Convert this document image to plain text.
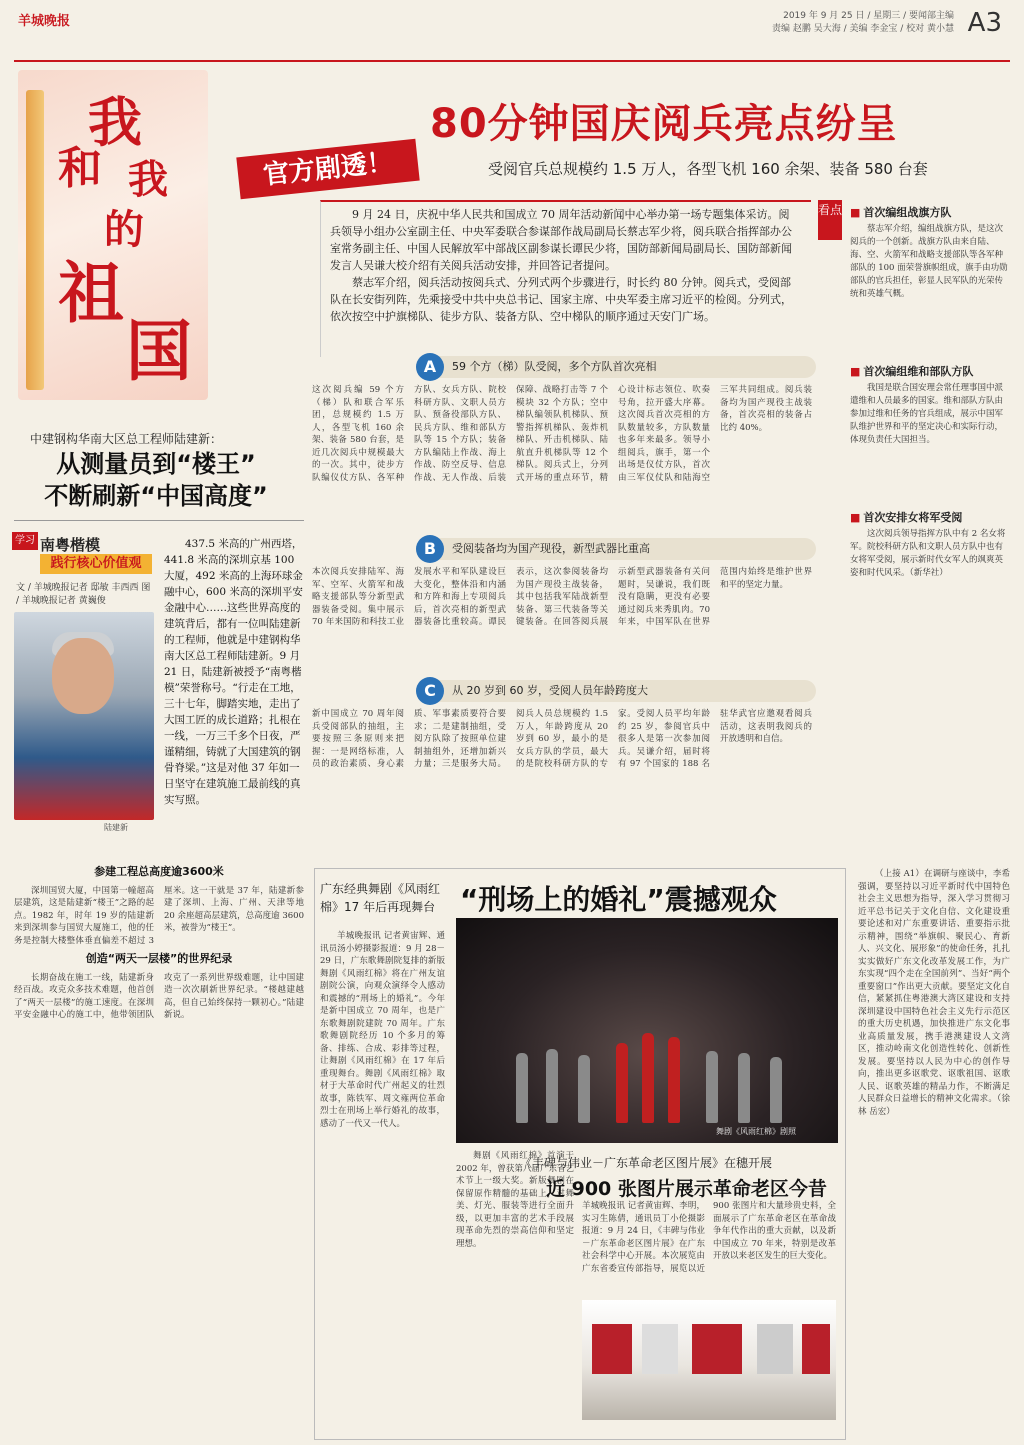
羊城晚报	2019 年 9 月 25 日 / 星期三 / 要闻部主编
责编 赵鹏 吴大海 / 美编 李金宝 / 校对 黄小慧 A3
我
和 我
的
祖
国
官方剧透！
80分钟国庆阅兵亮点纷呈
受阅官兵总规模约 1.5 万人，各型飞机 160 余架、装备 580 台套
9 月 24 日，庆祝中华人民共和国成立 70 周年活动新闻中心举办第一场专题集体采访。阅兵领导小组办公室副主任、中央军委联合参谋部作战局副局长蔡志军少将，阅兵联合指挥部办公室常务副主任、中国人民解放军中部战区副参谋长谭民少将，国防部新闻局副局长、国防部新闻发言人吴谦大校介绍有关阅兵活动安排，并回答记者提问。
蔡志军介绍，阅兵活动按阅兵式、分列式两个步骤进行，时长约 80 分钟。阅兵式，受阅部队在长安街列阵，先乘接受中共中央总书记、国家主席、中央军委主席习近平的检阅。分列式，依次按空中护旗梯队、徒步方队、装备方队、空中梯队的顺序通过天安门广场。
看点
■	首次编组战旗方队

蔡志军介绍，编组战旗方队，是这次阅兵的一个创新。战旗方队由来自陆、海、空、火箭军和战略支援部队等各军种部队的 100 面荣誉旗帜组成，旗手由功勋部队的官兵担任，彰显人民军队的光荣传统和英雄气概。

■ 首次编组维和部队方队

我国是联合国安理会常任理事国中派遣维和人员最多的国家。维和部队方队由参加过维和任务的官兵组成，展示中国军队维护世界和平的坚定决心和实际行动，体现负责任大国担当。

■ 首次安排女将军受阅

这次阅兵领导指挥方队中有 2 名女将军。院校科研方队和文职人员方队中也有女将军受阅，展示新时代女军人的飒爽英姿和时代风采。（新华社）

A 59 个方（梯）队受阅，多个方队首次亮相
这次阅兵编 59 个方（梯）队和联合军乐团，总规模约 1.5 万人，各型飞机 160 余架、装备 580 台套，是近几次阅兵中规模最大的一次。其中，徒步方队编仪仗方队、各军种方队、女兵方队、院校科研方队、文职人员方队、预备役部队方队、民兵方队、维和部队方队等 15 个方队；装备方队编陆上作战、海上作战、防空反导、信息作战、无人作战、后装保障、战略打击等 7 个模块 32 个方队；空中梯队编领队机梯队、预警指挥机梯队、轰炸机梯队、歼击机梯队、陆航直升机梯队等 12 个梯队。阅兵式上，分列式开场的重点环节，精心设计标志领位、吹奏号角，拉开盛大序幕。这次阅兵首次亮相的方队数量较多，方队数量也多年来最多。领导小组阅兵，旗手，第一个出场是仪仗方队，首次由三军仪仗队和陆海空三军共同组成。阅兵装备均为国产现役主战装备，首次亮相的装备占比约 40%。
B 受阅装备均为国产现役，新型武器比重高
本次阅兵安排陆军、海军、空军、火箭军和战略支援部队等分新型武器装备受阅。集中展示 70 年来国防和科技工业发展水平和军队建设巨大变化，整体沿和内涵和方阵和海上专项阅兵后，首次亮相的新型武器装备比重较高。谭民表示，这次参阅装备均为国产现役主战装备，其中包括我军陆战新型装备、第三代装备等关键装备。在回答阅兵展示新型武器装备有关问题时，吴谦说，我们既没有隐瞒，更没有必要通过阅兵来秀肌肉。70 年来，中国军队在世界范围内始终是维护世界和平的坚定力量。
C 从 20 岁到 60 岁，受阅人员年龄跨度大
新中国成立 70 周年阅兵受阅部队的抽组，主要按照三条原则来把握：一是网络标准，人员的政治素质、身心素质、军事素质要符合要求；二是建制抽组，受阅方队除了按照单位建制抽组外，还增加新兴力量；三是服务大局。阅兵人员总规模约 1.5 万人，年龄跨度从 20 岁到 60 岁，最小的是女兵方队的学员，最大的是院校科研方队的专家。受阅人员平均年龄约 25 岁，参阅官兵中很多人是第一次参加阅兵。吴谦介绍，届时将有 97 个国家的 188 名驻华武官应邀观看阅兵活动，这表明我阅兵的开放透明和自信。
中建钢构华南大区总工程师陆建新：
从测量员到“楼王”
不断刷新“中国高度”
学习 南粤楷模
践行核心价值观
文 / 羊城晚报记者 邸敏 丰西西 图 / 羊城晚报记者 黄巍俊
陆建新
437.5 米高的广州西塔，441.8 米高的深圳京基 100 大厦，492 米高的上海环球金融中心，600 米高的深圳平安金融中心……这些世界高度的建筑背后，都有一位叫陆建新的工程师，他就是中建钢构华南大区总工程师陆建新。9 月 21 日，陆建新被授予“南粤楷模”荣誉称号。“行走在工地，三十七年，脚踏实地，走出了大国工匠的成长道路；扎根在一线，一万三千多个日夜，严谨精细，铸就了大国建筑的钢骨脊梁。”这是对他 37 年如一日坚守在建筑施工最前线的真实写照。
参建工程总高度逾3600米

深圳国贸大厦，中国第一幢超高层建筑，这是陆建新“楼王”之路的起点。1982 年，时年 19 岁的陆建新来到深圳参与国贸大厦施工，他的任务是控制大楼整体垂直偏差不超过 3 厘米。这一干就是 37 年，陆建新参建了深圳、上海、广州、天津等地 20 余座超高层建筑，总高度逾 3600 米，被誉为“楼王”。

创造“两天一层楼”的世界纪录

长期奋战在施工一线，陆建新身经百战。攻克众多技术难题，他首创了“两天一层楼”的施工速度。在深圳平安金融中心的施工中，他带领团队攻克了一系列世界级难题，让中国建造一次次刷新世界纪录。“楼越建越高，但自己始终保持一颗初心。”陆建新说。

广东经典舞剧《风雨红棉》17 年后再现舞台 “刑场上的婚礼”震撼观众
羊城晚报讯 记者黄宙辉、通讯员汤小婷摄影报道：9 月 28－29 日，广东歌舞剧院复排的新版舞剧《风雨红棉》将在广州友谊剧院公演，向观众演绎令人感动和震撼的“刑场上的婚礼”。今年是新中国成立 70 周年，也是广东歌舞剧院建院 70 周年。广东歌舞剧院经历 10 个多月的筹备、排练、合成、彩排等过程，让舞剧《风雨红棉》在 17 年后重现舞台。舞剧《风雨红棉》取材于大革命时代广州起义的壮烈故事，陈铁军、周文雍两位革命烈士在刑场上举行婚礼的故事，感动了一代又一代人。
舞剧《风雨红棉》剧照
舞剧《风雨红棉》首演于 2002 年，曾获第八届广东省艺术节上一级大奖。新版舞剧在保留原作精髓的基础上，对舞美、灯光、服装等进行全面升级，以更加丰富的艺术手段展现革命先烈的崇高信仰和坚定理想。
《丰碑与伟业－广东革命老区图片展》在穗开展
近 900 张图片展示革命老区今昔
羊城晚报讯 记者黄宙辉、李明，实习生陈倩，通讯员丁小伦摄影报道：9 月 24 日，《丰碑与伟业－广东革命老区图片展》在广东社会科学中心开展。本次展览由广东省委宣传部指导，展览以近 900 张图片和大量珍贵史料，全面展示了广东革命老区在革命战争年代作出的重大贡献，以及新中国成立 70 年来，特别是改革开放以来老区发生的巨大变化。

（上接 A1）在调研与座谈中，李希强调，要坚持以习近平新时代中国特色社会主义思想为指导，深入学习贯彻习近平总书记关于文化自信、文化建设重要论述和对广东重要讲话、重要指示批示精神，围绕“举旗帜、聚民心、育新人、兴文化、展形象”的使命任务，扎扎实实做好广东文化改革发展工作，为广东实现“四个走在全国前列”、当好“两个重要窗口”作出更大贡献。要坚定文化自信，紧紧抓住粤港澳大湾区建设和支持深圳建设中国特色社会主义先行示范区的重大历史机遇，加快推进广东文化事业高质量发展，携手港澳建设人文湾区，推动岭南文化创造性转化、创新性发展。要坚持以人民为中心的创作导向，推出更多讴歌党、讴歌祖国、讴歌人民、讴歌英雄的精品力作，不断满足人民群众日益增长的精神文化需求。（徐林 岳宏）
